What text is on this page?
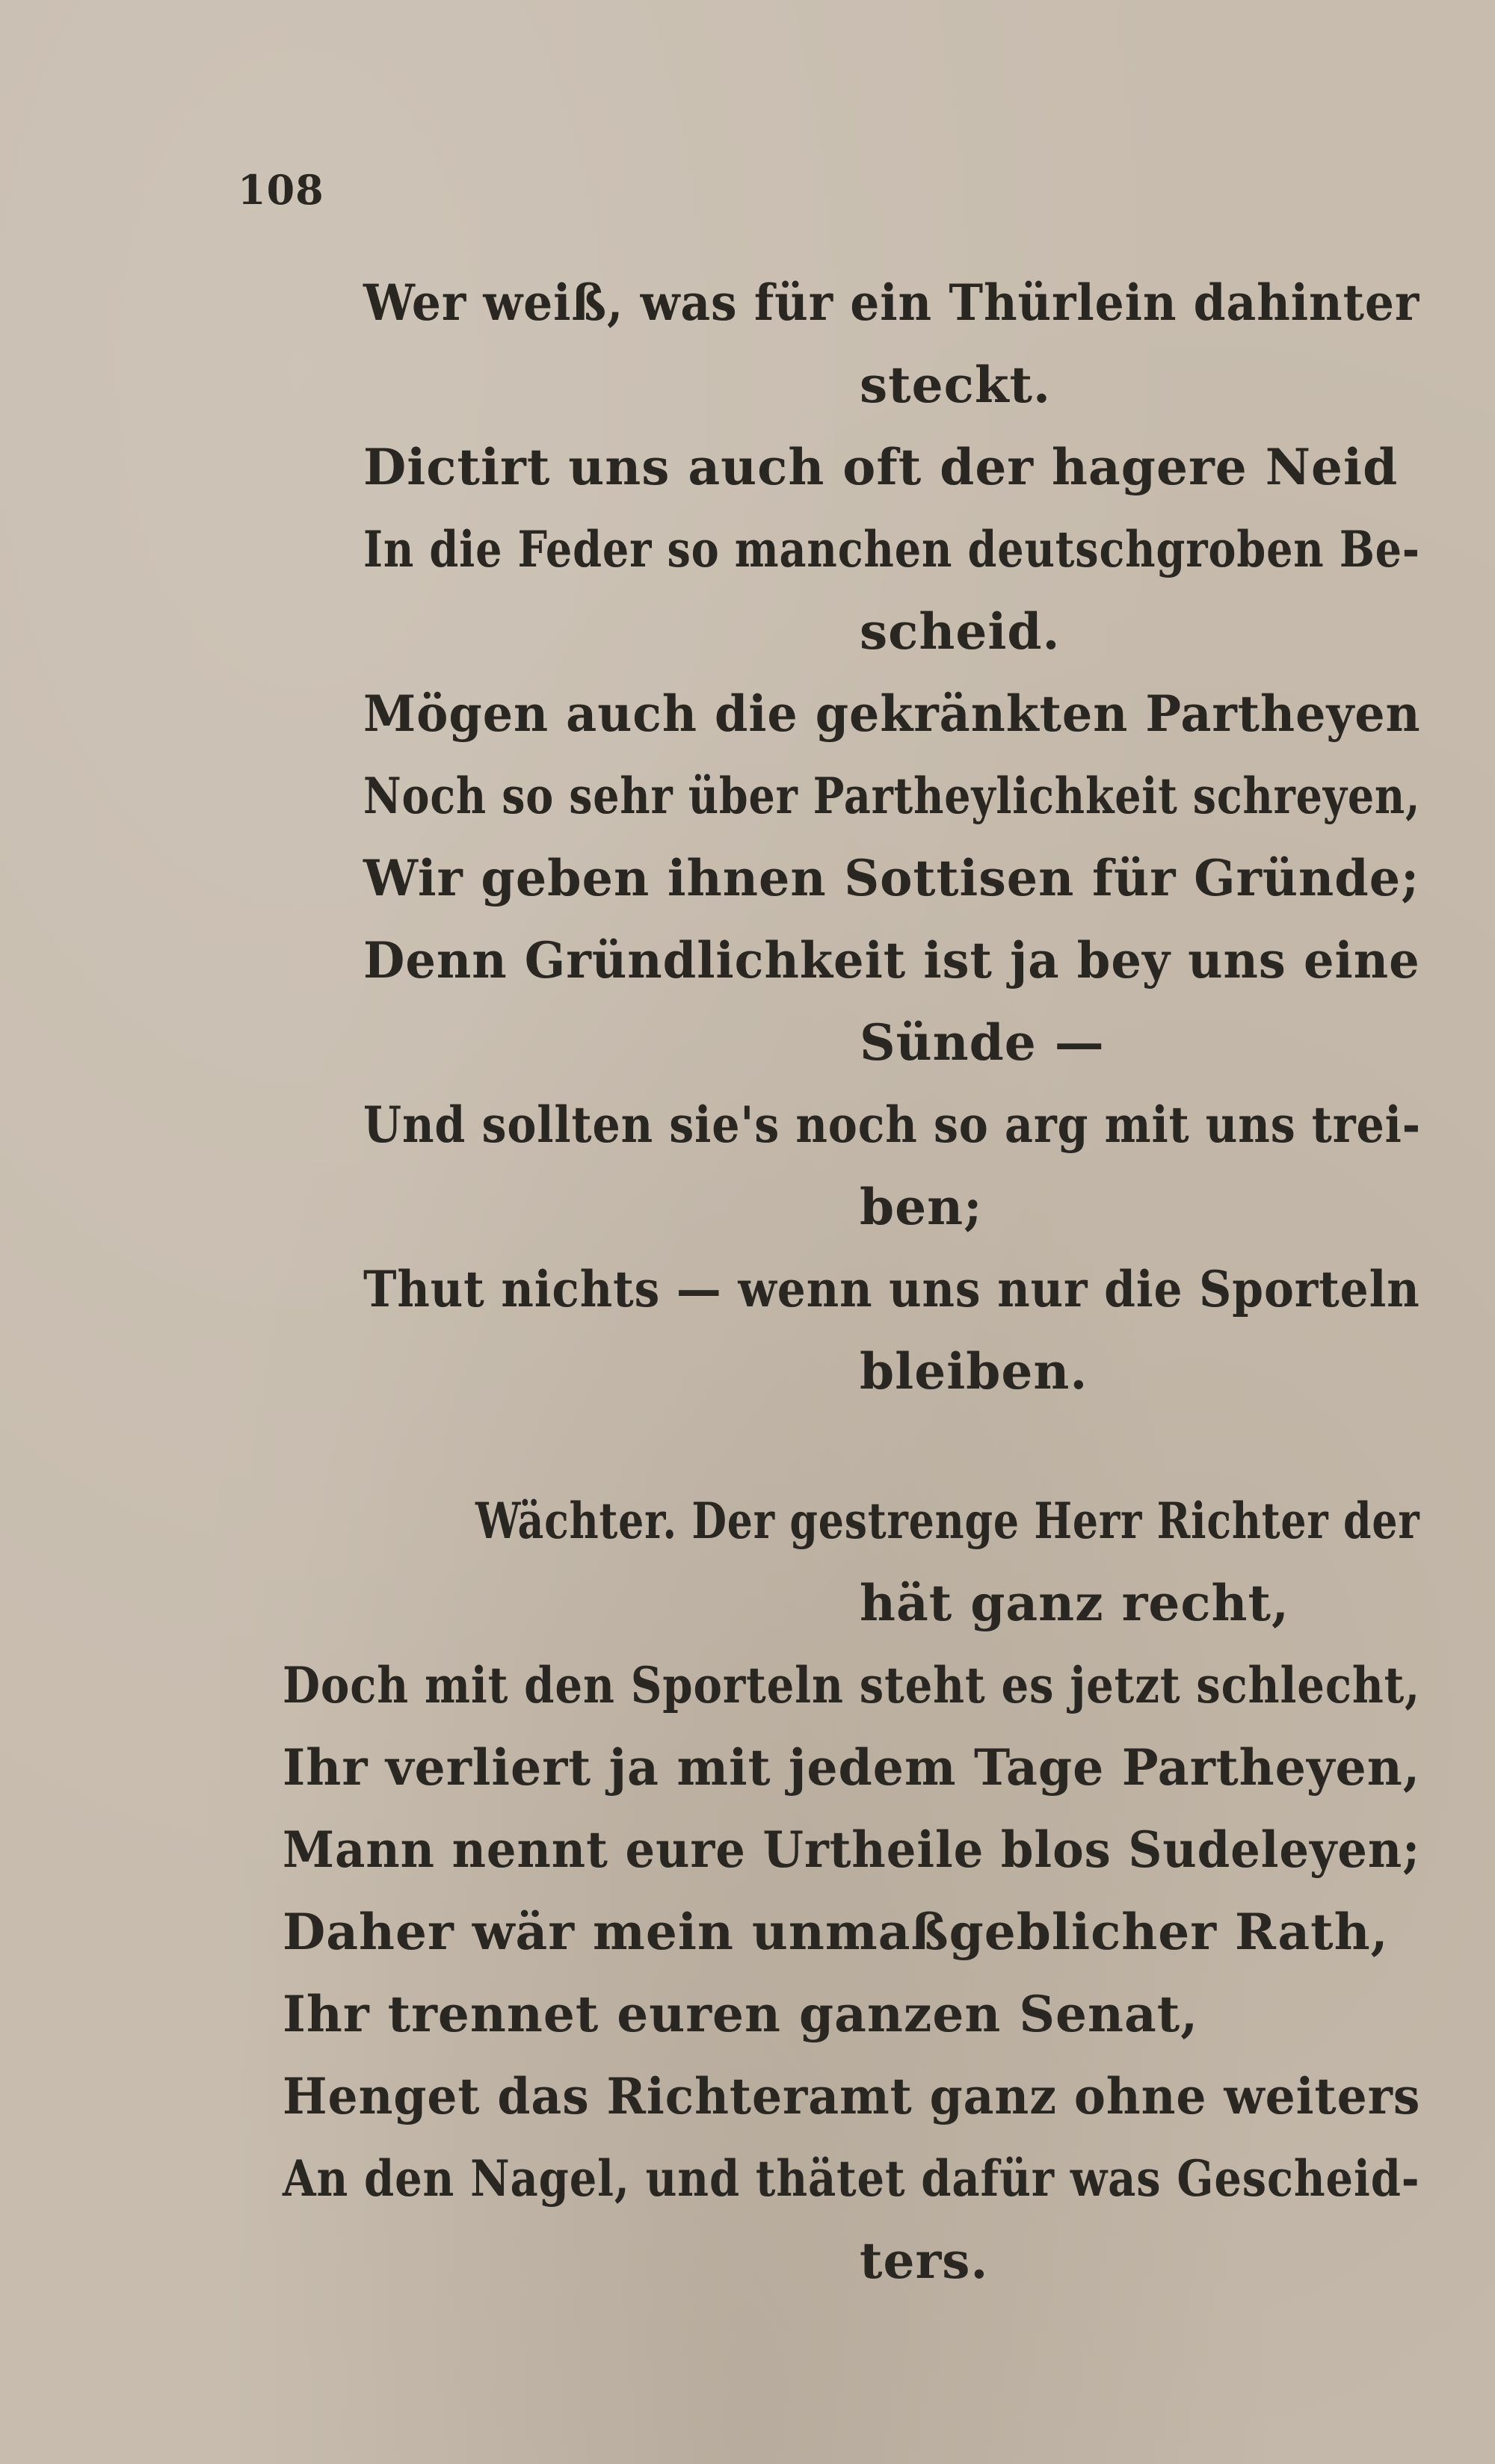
108
Wer weiß, was für ein Thürlein dahinter
steckt.
Dictirt uns auch oft der hagere Neid
In die Feder so manchen deutschgroben Be-
scheid.
Mögen auch die gekränkten Partheyen
Noch so sehr über Partheylichkeit schreyen,
Wir geben ihnen Sottisen für Gründe;
Denn Gründlichkeit ist ja bey uns eine
Sünde —
Und sollten sie's noch so arg mit uns trei-
ben;
Thut nichts — wenn uns nur die Sporteln
bleiben.
Wächter. Der gestrenge Herr Richter der
hät ganz recht,
Doch mit den Sporteln steht es jetzt schlecht,
Ihr verliert ja mit jedem Tage Partheyen,
Mann nennt eure Urtheile blos Sudeleyen;
Daher wär mein unmaßgeblicher Rath,
Ihr trennet euren ganzen Senat,
Henget das Richteramt ganz ohne weiters
An den Nagel, und thätet dafür was Gescheid-
ters.
